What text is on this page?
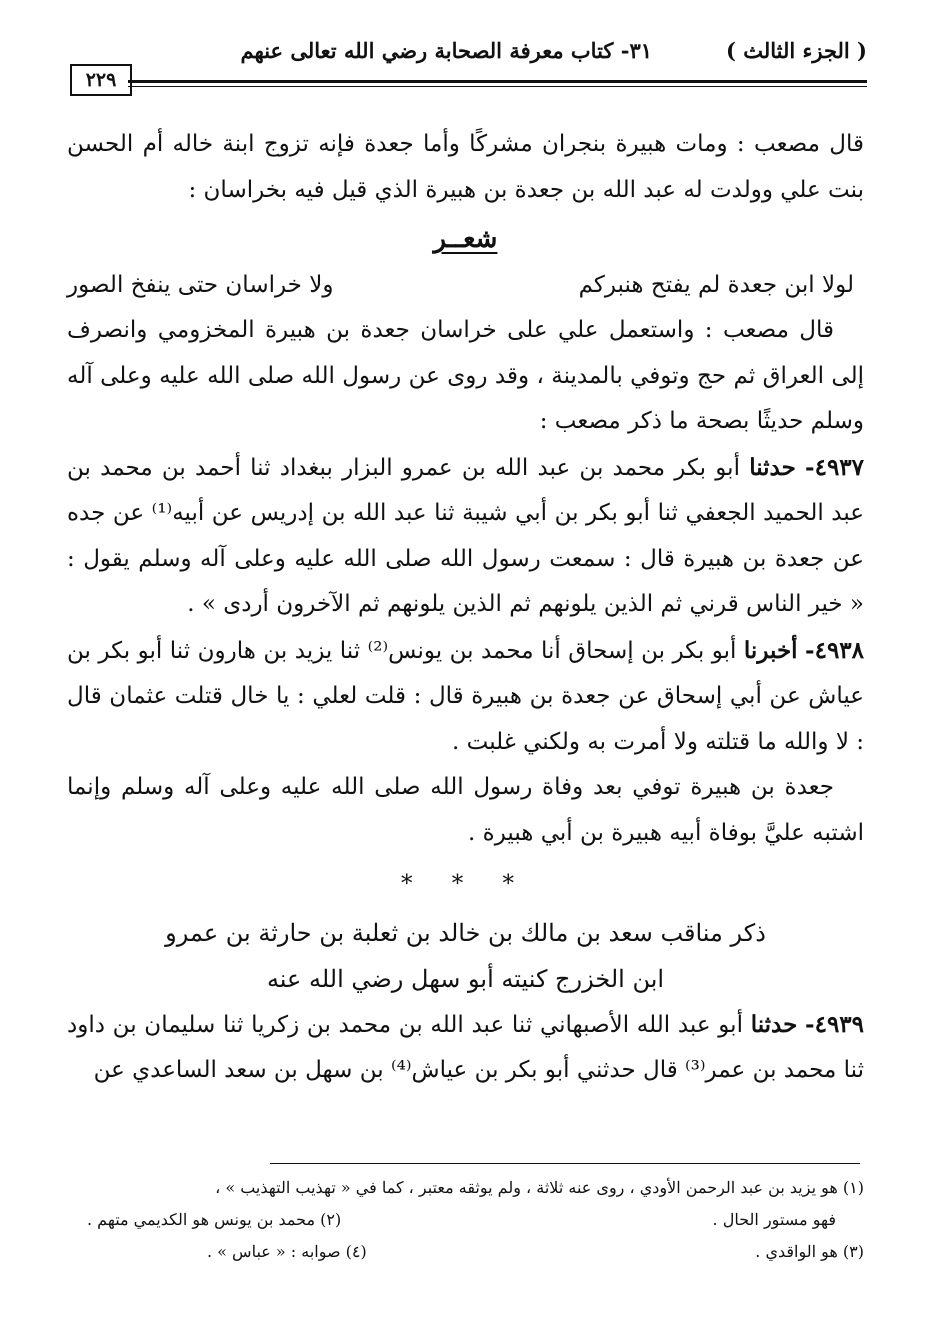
( الجزء الثالث )
٣١- كتاب معرفة الصحابة رضي الله تعالى عنهم
٢٢٩

قال مصعب : ومات هبيرة بنجران مشركًا وأما جعدة فإنه تزوج ابنة خاله أم الحسن بنت علي وولدت له عبد الله بن جعدة بن هبيرة الذي قيل فيه بخراسان :

شعــر

لولا ابن جعدة لم يفتح هنبركم
ولا خراسان حتى ينفخ الصور

قال مصعب : واستعمل علي على خراسان جعدة بن هبيرة المخزومي وانصرف إلى العراق ثم حج وتوفي بالمدينة ، وقد روى عن رسول الله صلى الله عليه وعلى آله وسلم حديثًا بصحة ما ذكر مصعب :

٤٩٣٧- حدثنا أبو بكر محمد بن عبد الله بن عمرو البزار ببغداد ثنا أحمد بن محمد بن عبد الحميد الجعفي ثنا أبو بكر بن أبي شيبة ثنا عبد الله بن إدريس عن أبيه⁽¹⁾ عن جده عن جعدة بن هبيرة قال : سمعت رسول الله صلى الله عليه وعلى آله وسلم يقول : « خير الناس قرني ثم الذين يلونهم ثم الذين يلونهم ثم الآخرون أردى » .

٤٩٣٨- أخبرنا أبو بكر بن إسحاق أنا محمد بن يونس⁽²⁾ ثنا يزيد بن هارون ثنا أبو بكر بن عياش عن أبي إسحاق عن جعدة بن هبيرة قال : قلت لعلي : يا خال قتلت عثمان قال : لا والله ما قتلته ولا أمرت به ولكني غلبت .

جعدة بن هبيرة توفي بعد وفاة رسول الله صلى الله عليه وعلى آله وسلم وإنما اشتبه عليَّ بوفاة أبيه هبيرة بن أبي هبيرة .

* * *

ذكر مناقب سعد بن مالك بن خالد بن ثعلبة بن حارثة بن عمرو

ابن الخزرج كنيته أبو سهل رضي الله عنه

٤٩٣٩- حدثنا أبو عبد الله الأصبهاني ثنا عبد الله بن محمد بن زكريا ثنا سليمان بن داود ثنا محمد بن عمر⁽³⁾ قال حدثني أبو بكر بن عياش⁽⁴⁾ بن سهل بن سعد الساعدي عن

(١) هو يزيد بن عبد الرحمن الأودي ، روى عنه ثلاثة ، ولم يوثقه معتبر ، كما في « تهذيب التهذيب » ،
فهو مستور الحال .
(٢) محمد بن يونس هو الكديمي متهم .
(٣) هو الواقدي .
(٤) صوابه : « عباس » .
